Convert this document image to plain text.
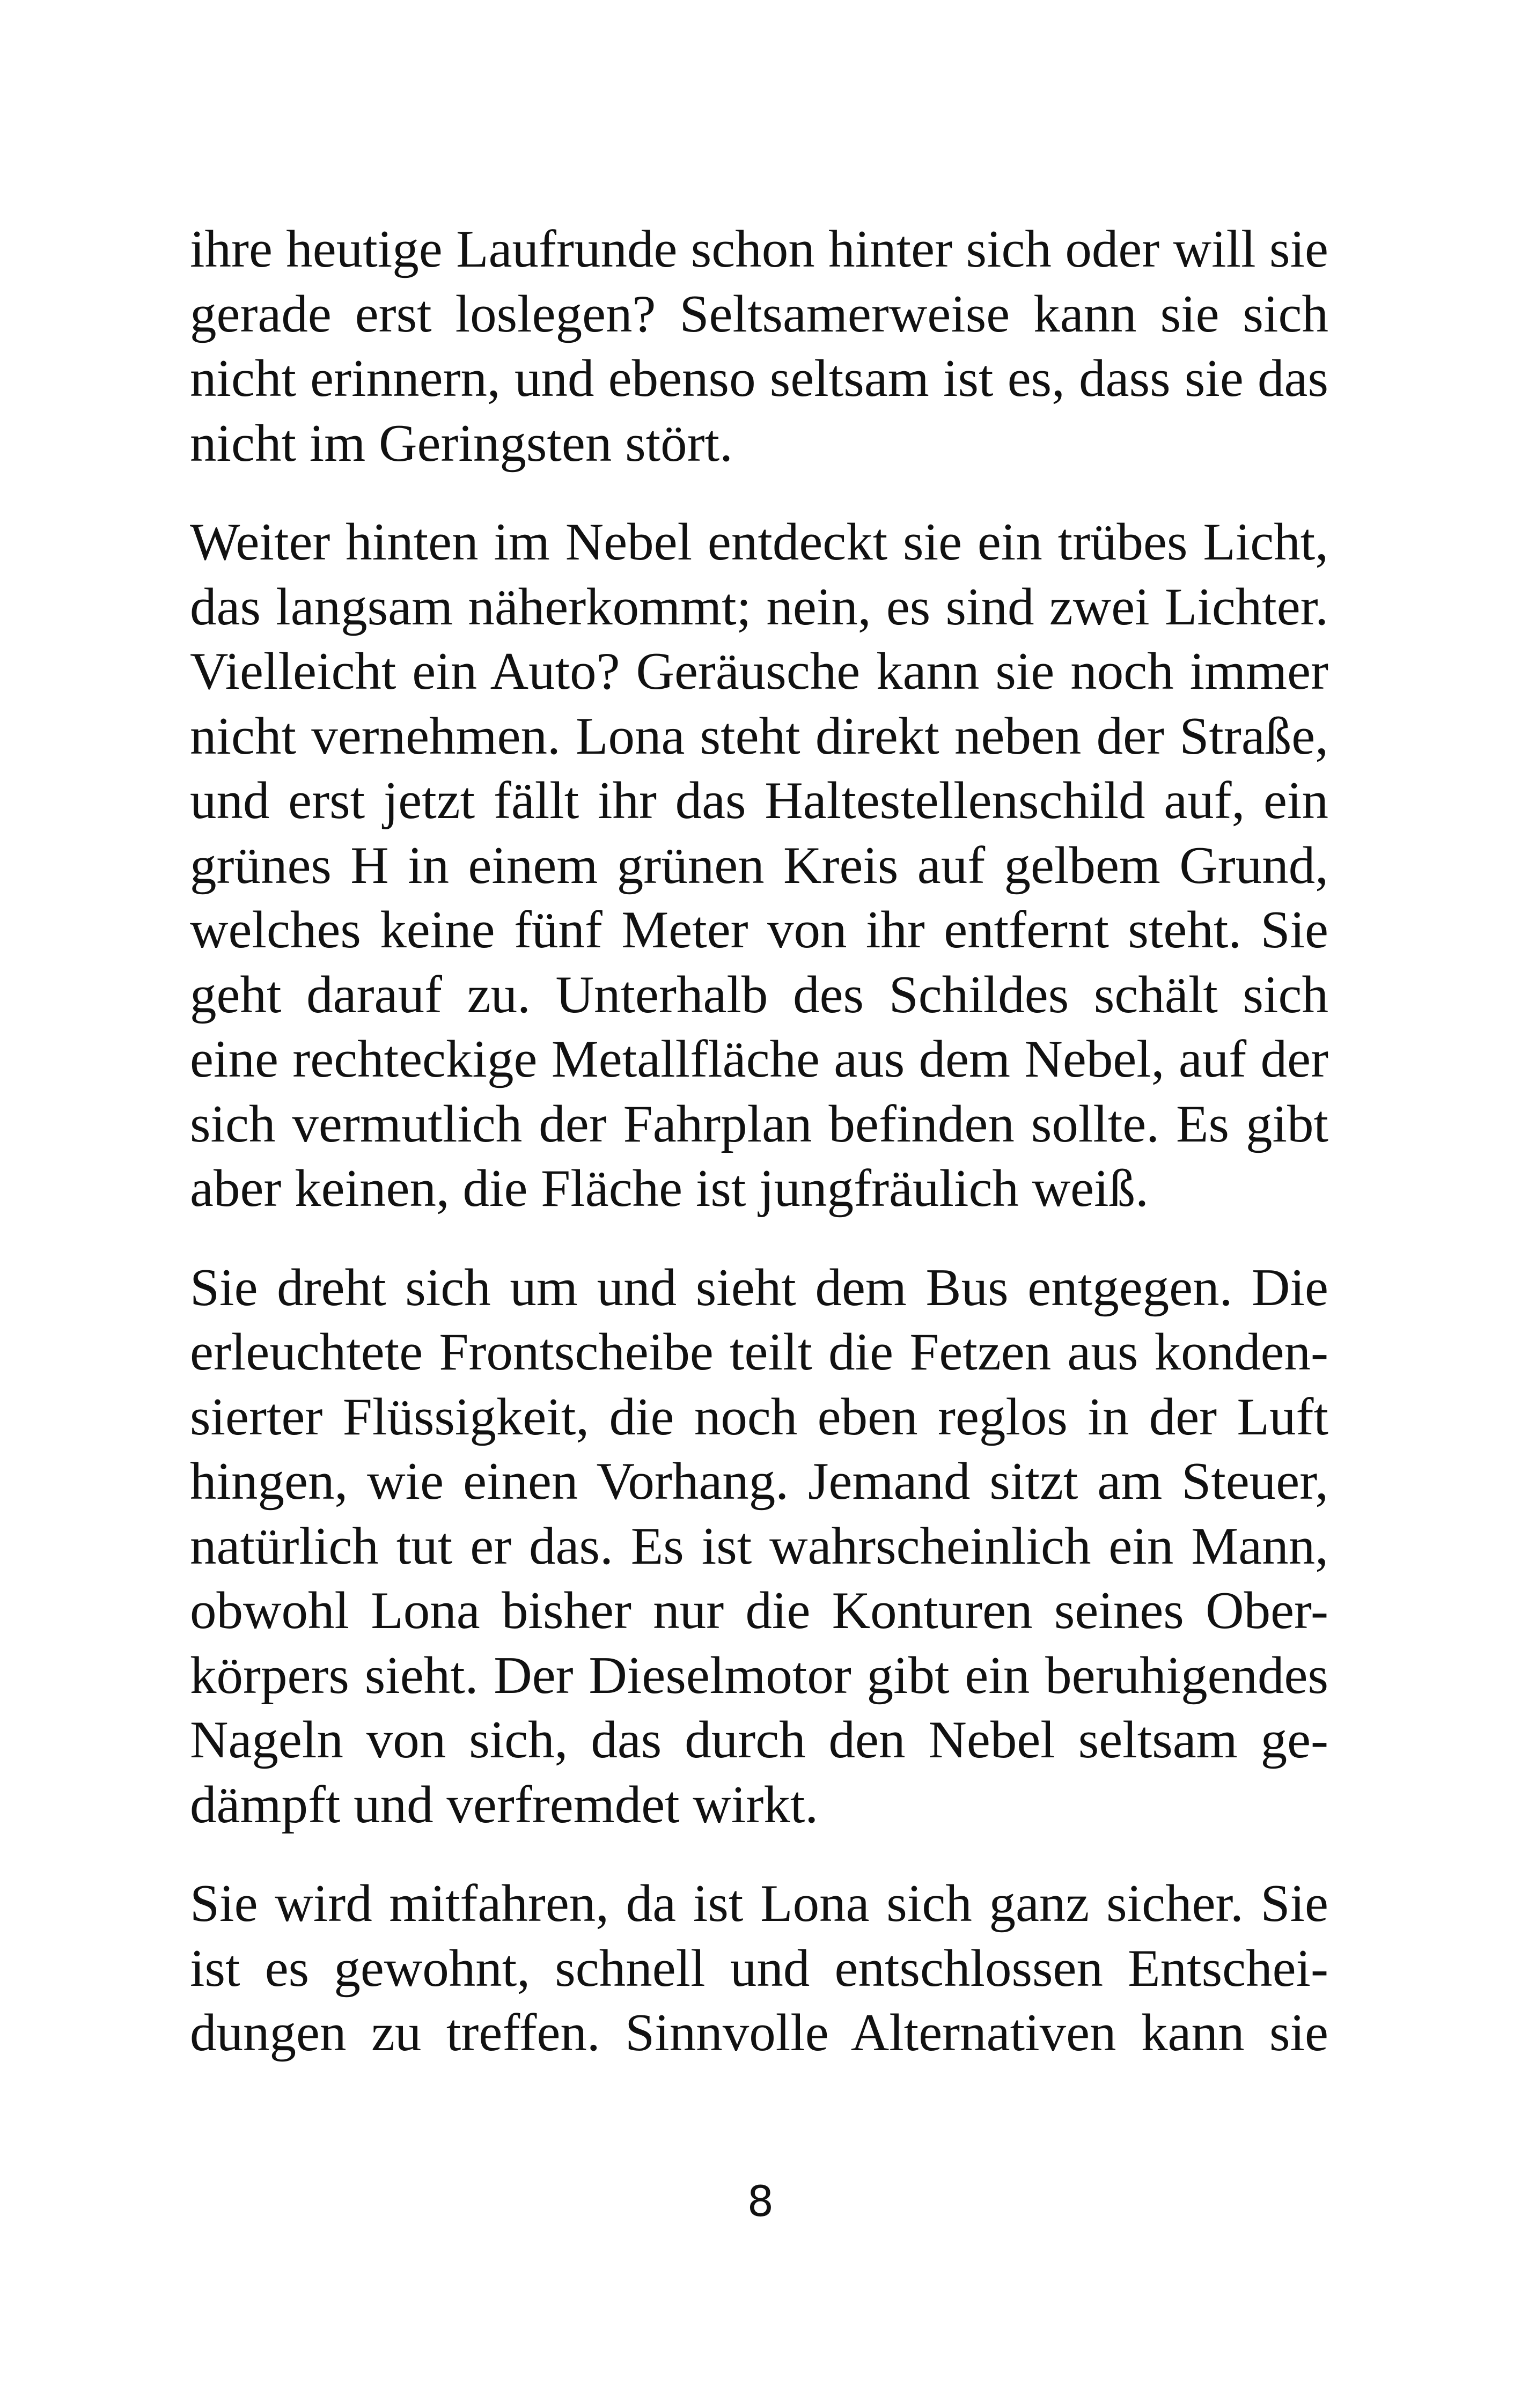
ihre heutige Laufrunde schon hinter sich oder will sie
gerade erst loslegen? Seltsamerweise kann sie sich
nicht erinnern, und ebenso seltsam ist es, dass sie das
nicht im Geringsten stört.

Weiter hinten im Nebel entdeckt sie ein trübes Licht,
das langsam näherkommt; nein, es sind zwei Lichter.
Vielleicht ein Auto? Geräusche kann sie noch immer
nicht vernehmen. Lona steht direkt neben der Straße,
und erst jetzt fällt ihr das Haltestellenschild auf, ein
grünes H in einem grünen Kreis auf gelbem Grund,
welches keine fünf Meter von ihr entfernt steht. Sie
geht darauf zu. Unterhalb des Schildes schält sich
eine rechteckige Metallfläche aus dem Nebel, auf der
sich vermutlich der Fahrplan befinden sollte. Es gibt
aber keinen, die Fläche ist jungfräulich weiß.

Sie dreht sich um und sieht dem Bus entgegen. Die
erleuchtete Frontscheibe teilt die Fetzen aus konden-
sierter Flüssigkeit, die noch eben reglos in der Luft
hingen, wie einen Vorhang. Jemand sitzt am Steuer,
natürlich tut er das. Es ist wahrscheinlich ein Mann,
obwohl Lona bisher nur die Konturen seines Ober-
körpers sieht. Der Dieselmotor gibt ein beruhigendes
Nageln von sich, das durch den Nebel seltsam ge-
dämpft und verfremdet wirkt.

Sie wird mitfahren, da ist Lona sich ganz sicher. Sie
ist es gewohnt, schnell und entschlossen Entschei-
dungen zu treffen. Sinnvolle Alternativen kann sie

8
